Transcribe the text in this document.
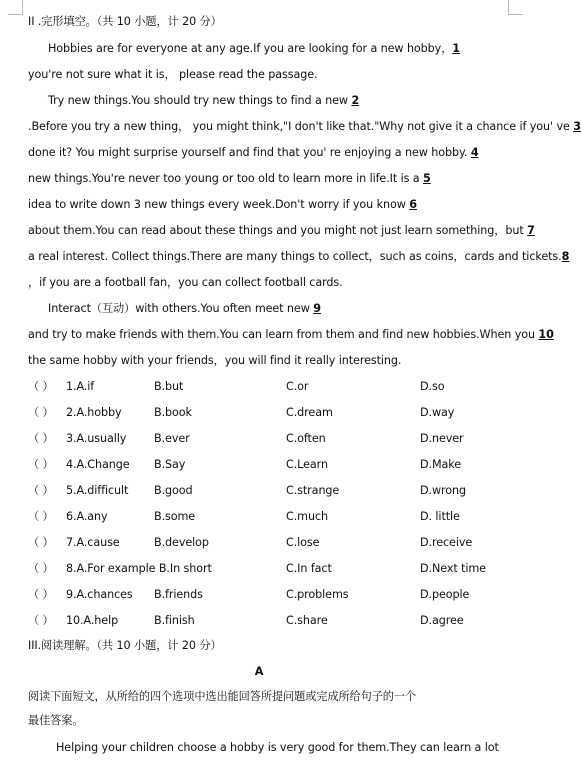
II .完形填空。（共 10 小题，计 20 分）
Hobbies are for everyone at any age.If you are looking for a new hobby，1
you're not sure what it is， please read the passage.
Try new things.You should try new things to find a new 2
.Before you try a new thing， you might think,"I don't like that."Why not give it a chance if you' ve 3
done it? You might surprise yourself and find that you' re enjoying a new hobby. 4
new things.You're never too young or too old to learn more in life.It is a 5
idea to write down 3 new things every week.Don't worry if you know 6
about them.You can read about these things and you might not just learn something，but 7
a real interest. Collect things.There are many things to collect，such as coins，cards and tickets.8
，if you are a football fan，you can collect football cards.
Interact（互动）with others.You often meet new 9
and try to make friends with them.You can learn from them and find new hobbies.When you 10
the same hobby with your friends，you will find it really interesting.
（ ） 1.A.if	B.but	C.or	D.so
（ ） 2.A.hobby	B.book	C.dream	D.way
（ ） 3.A.usually B.ever	C.often	D.never
（ ） 4.A.Change B.Say	C.Learn	D.Make
（ ） 5.A.difficult B.good	C.strange	D.wrong
（ ） 6.A.any	B.some	C.much	D. little
（ ） 7.A.cause	B.develop	C.lose	D.receive
（ ） 8.A.For example B.In short	C.In fact	D.Next time
（ ） 9.A.chances B.friends	C.problems	D.people
（ ） 10.A.help	B.finish	C.share	D.agree
III.阅读理解。（共 10 小题，计 20 分）
A
阅读下面短文，从所给的四个选项中选出能回答所提问题或完成所给句子的一个
最佳答案。
Helping your children choose a hobby is very good for them.They can learn a lot
